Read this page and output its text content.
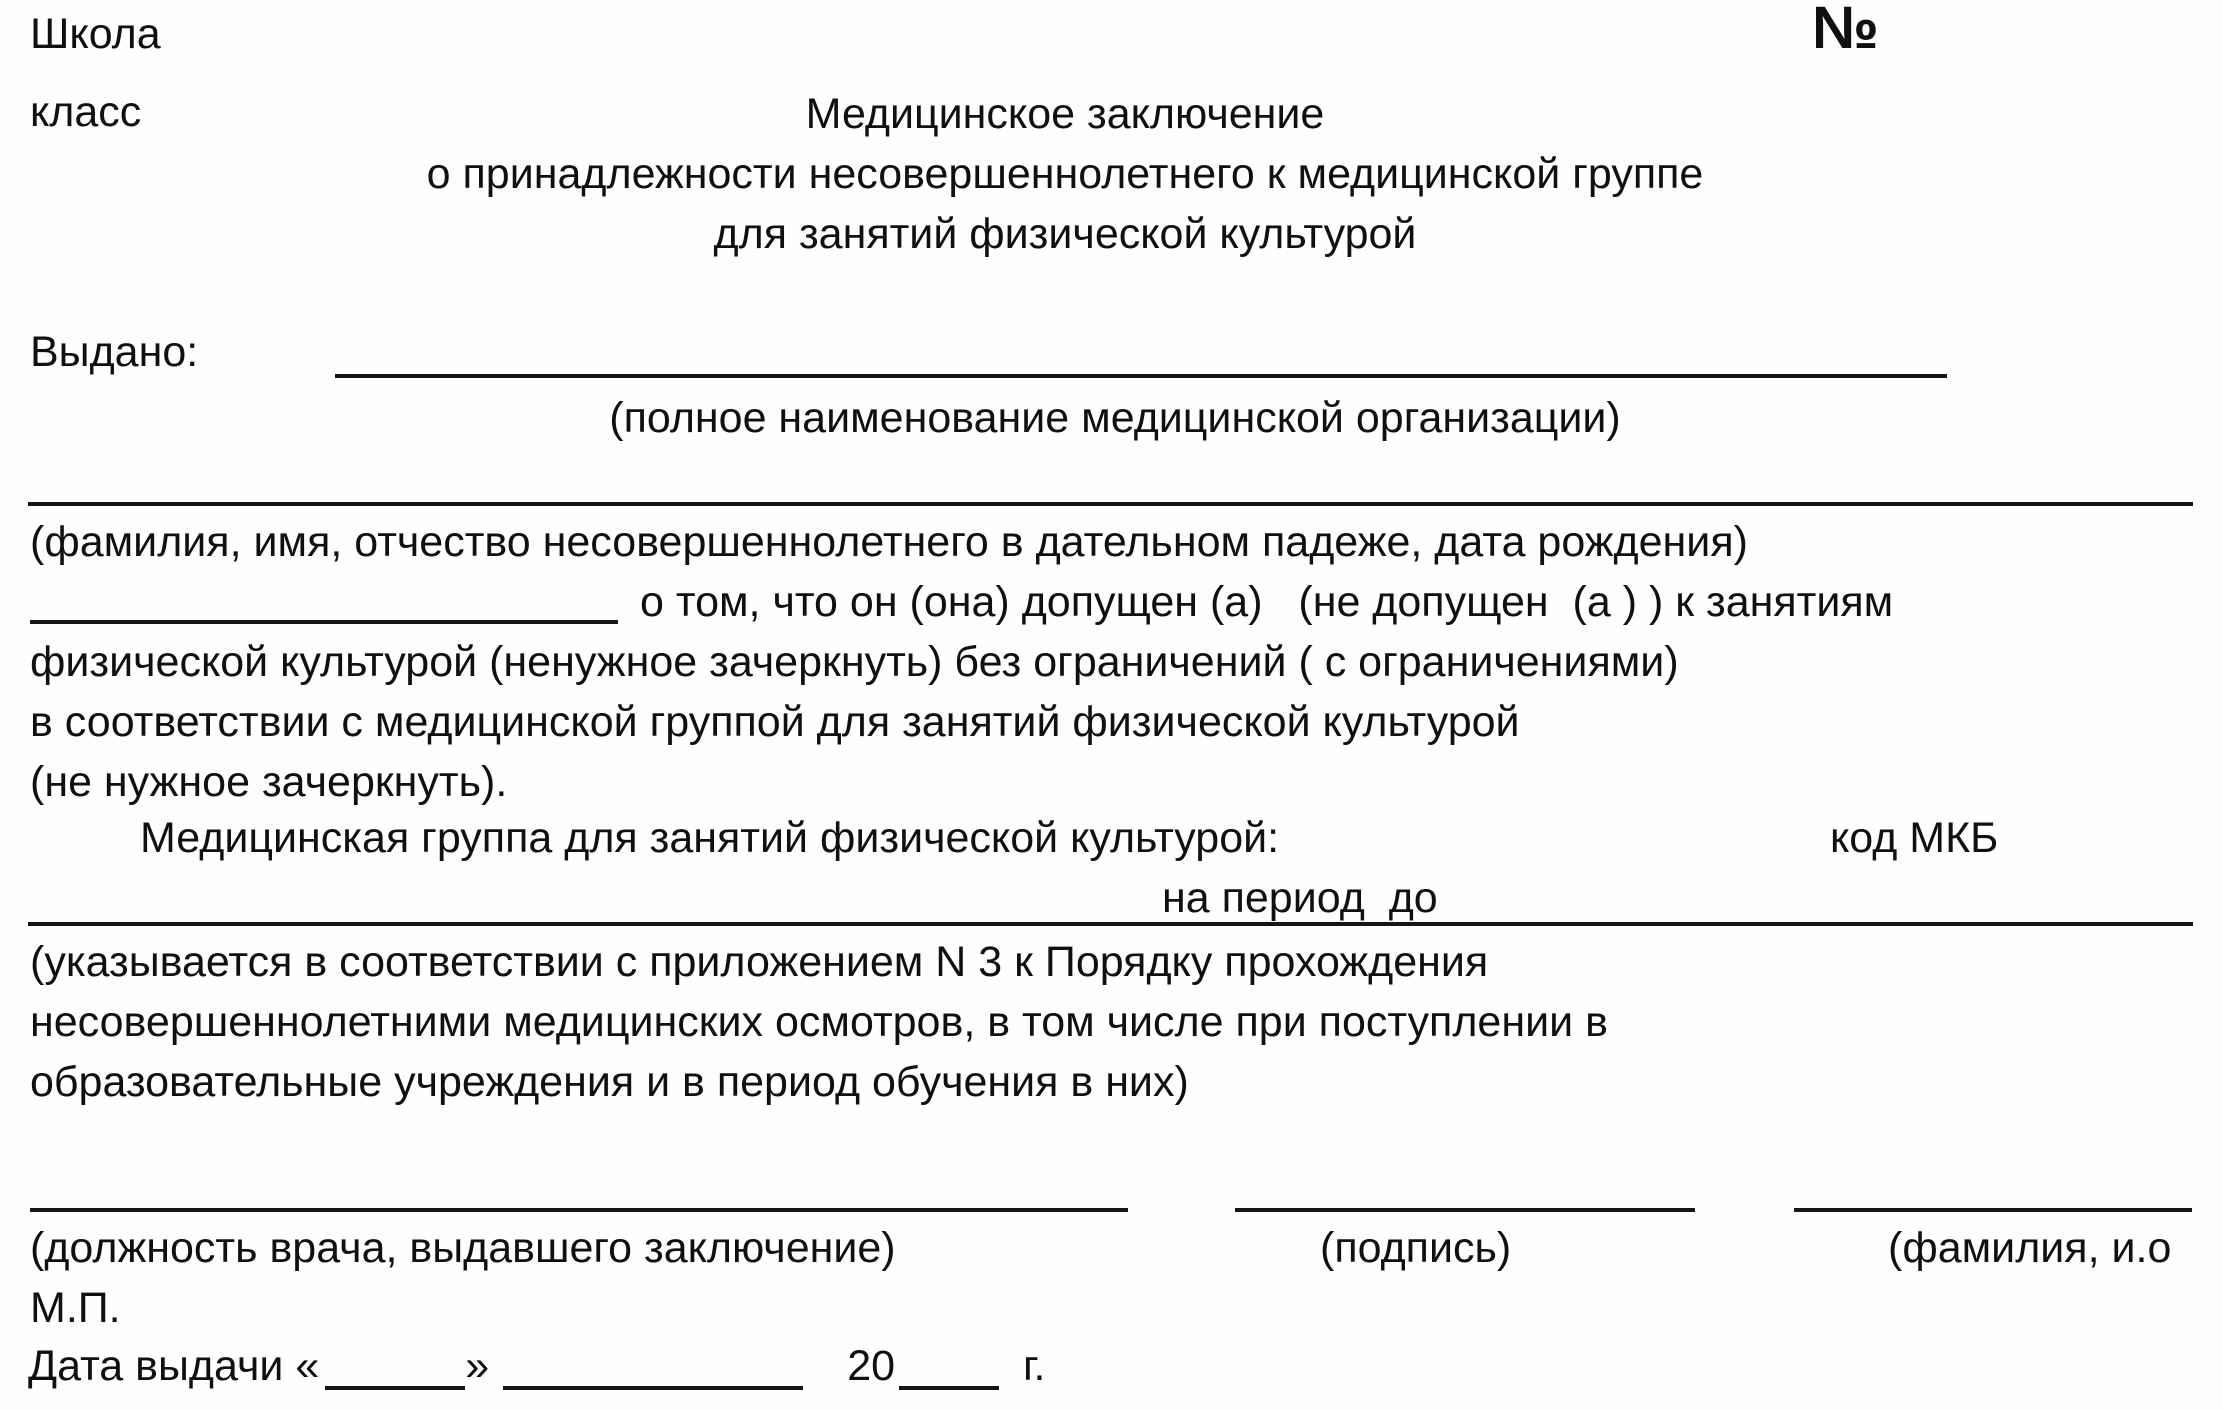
Школа
класс
№
Медицинское заключение
о принадлежности несовершеннолетнего к медицинской группе
для занятий физической культурой
Выдано:
(полное наименование медицинской организации)
(фамилия, имя, отчество несовершеннолетнего в дательном падеже, дата рождения)
о том, что он (она) допущен (а)   (не допущен  (а ) ) к занятиям
физической культурой (ненужное зачеркнуть) без ограничений ( с ограничениями)
в соответствии с медицинской группой для занятий физической культурой
(не нужное зачеркнуть).
Медицинская группа для занятий физической культурой:	код МКБ
на период  до
(указывается в соответствии с приложением N 3 к Порядку прохождения
несовершеннолетними медицинских осмотров, в том числе при поступлении в
образовательные учреждения и в период обучения в них)
(должность врача, выдавшего заключение)	(подпись)	(фамилия, и.о
М.П.
Дата выдачи «	»	20	г.
